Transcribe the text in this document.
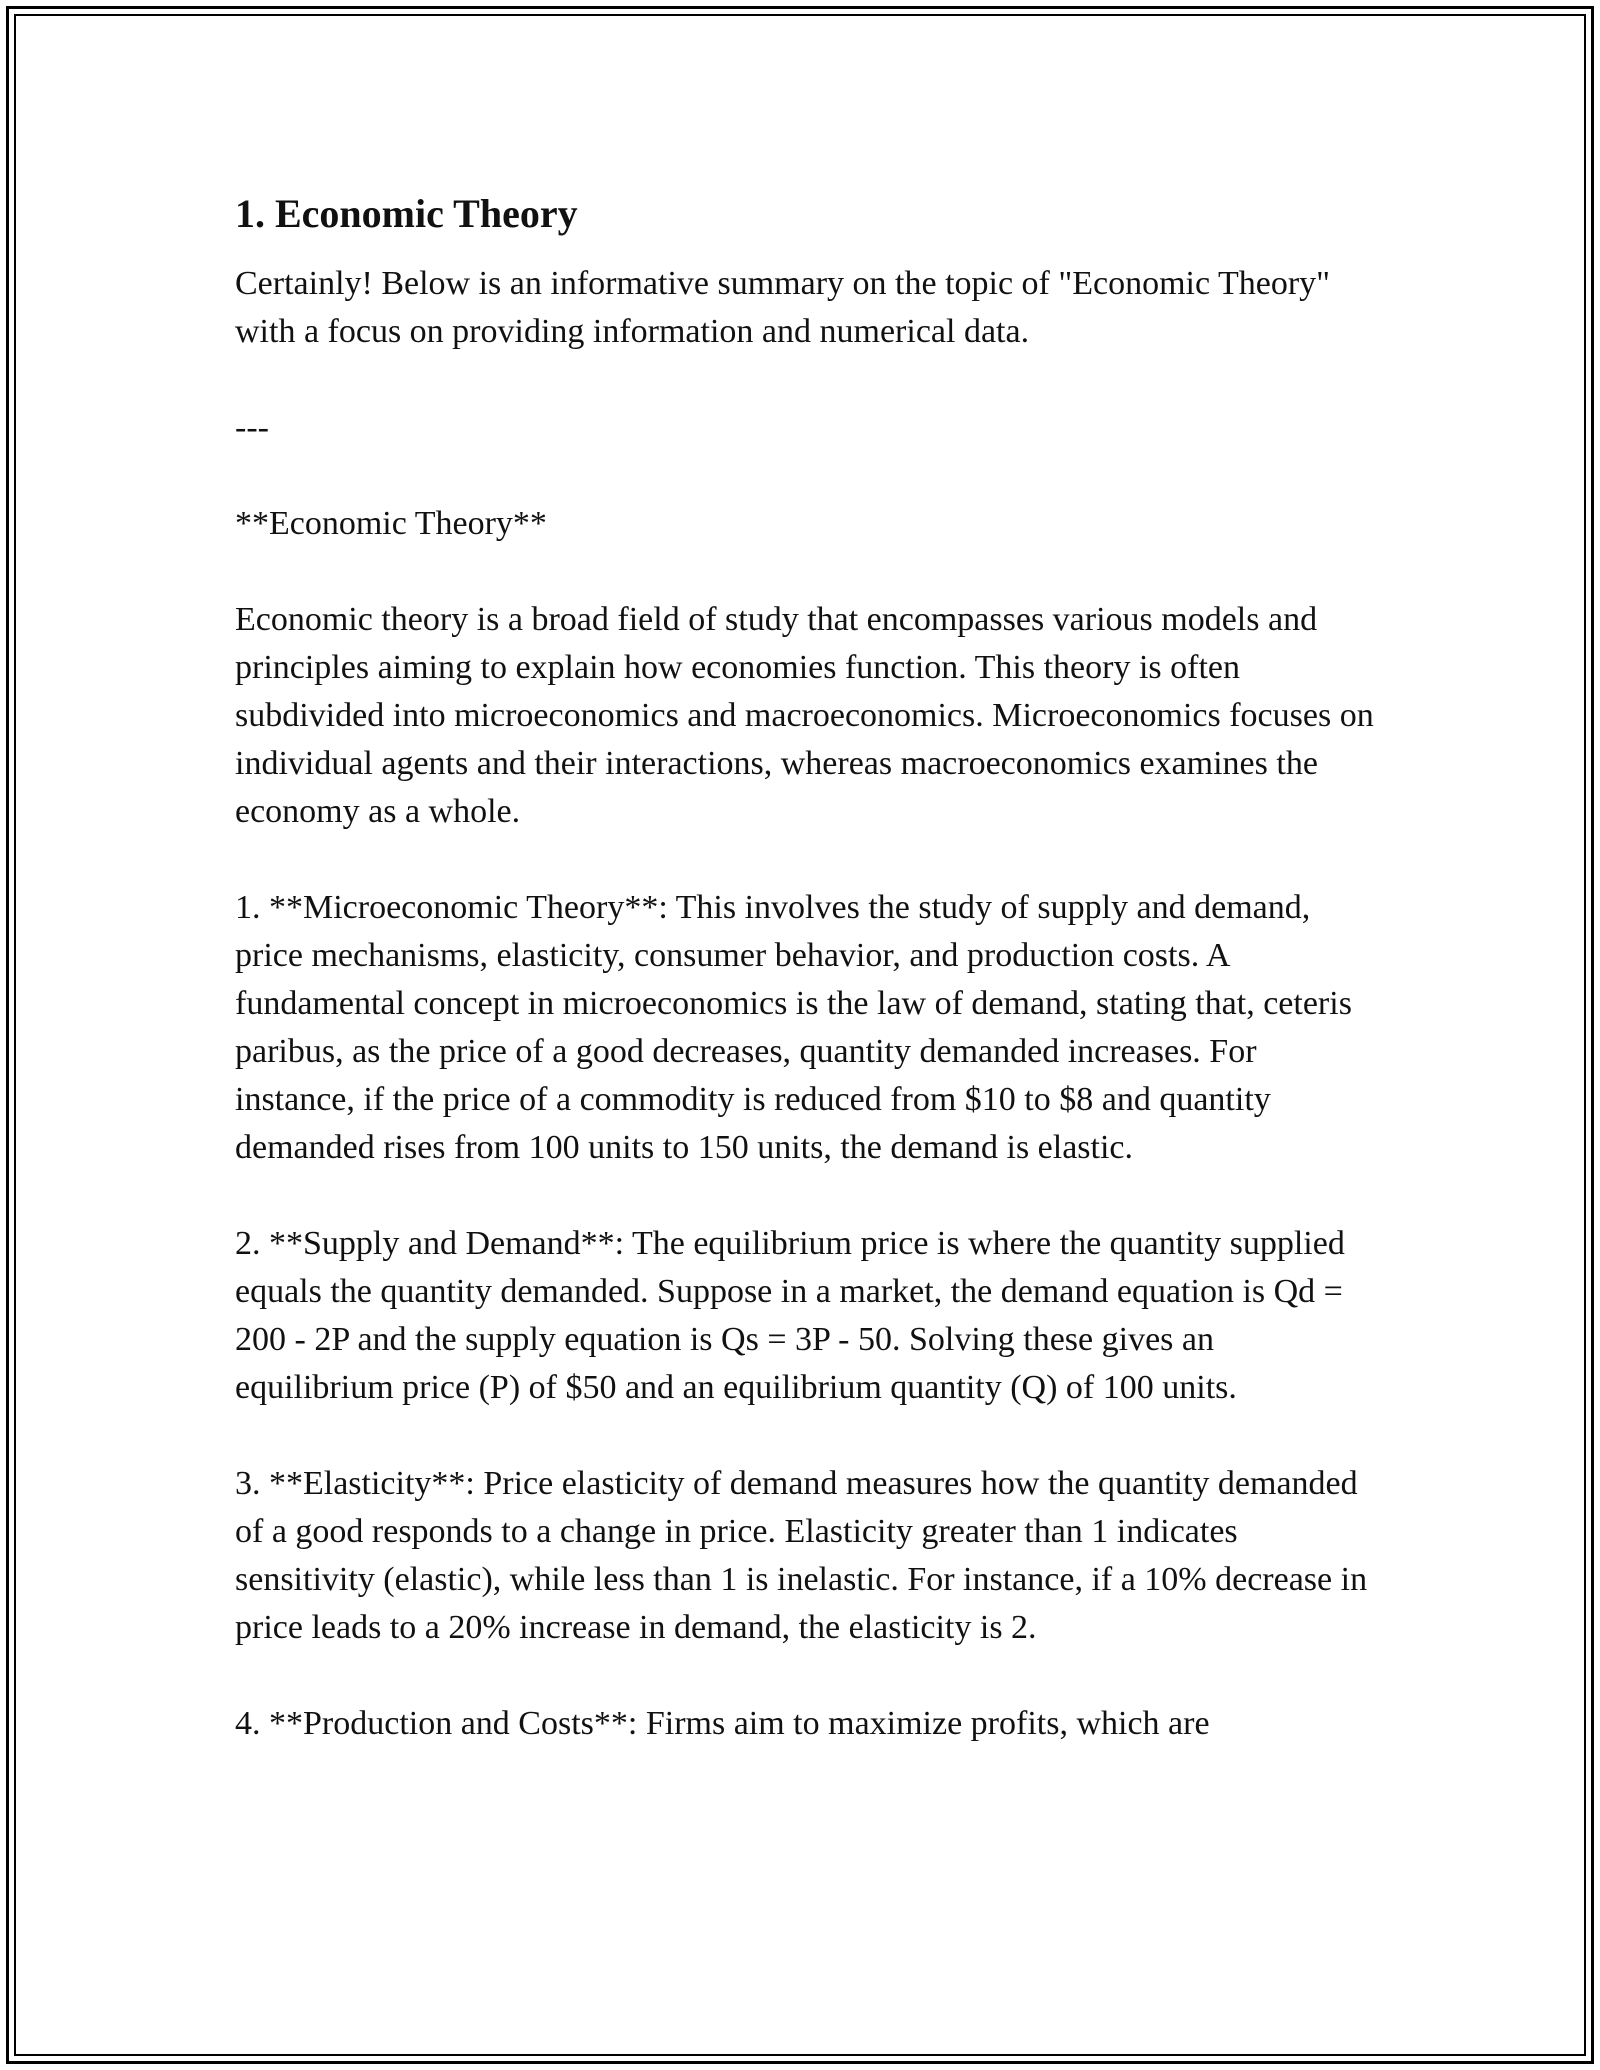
1. Economic Theory

Certainly! Below is an informative summary on the topic of "Economic Theory" with a focus on providing information and numerical data.

---

**Economic Theory**

Economic theory is a broad field of study that encompasses various models and principles aiming to explain how economies function. This theory is often subdivided into microeconomics and macroeconomics. Microeconomics focuses on individual agents and their interactions, whereas macroeconomics examines the economy as a whole.

1. **Microeconomic Theory**: This involves the study of supply and demand, price mechanisms, elasticity, consumer behavior, and production costs. A fundamental concept in microeconomics is the law of demand, stating that, ceteris paribus, as the price of a good decreases, quantity demanded increases. For instance, if the price of a commodity is reduced from $10 to $8 and quantity demanded rises from 100 units to 150 units, the demand is elastic.

2. **Supply and Demand**: The equilibrium price is where the quantity supplied equals the quantity demanded. Suppose in a market, the demand equation is Qd = 200 - 2P and the supply equation is Qs = 3P - 50. Solving these gives an equilibrium price (P) of $50 and an equilibrium quantity (Q) of 100 units.

3. **Elasticity**: Price elasticity of demand measures how the quantity demanded of a good responds to a change in price. Elasticity greater than 1 indicates sensitivity (elastic), while less than 1 is inelastic. For instance, if a 10% decrease in price leads to a 20% increase in demand, the elasticity is 2.

4. **Production and Costs**: Firms aim to maximize profits, which are
